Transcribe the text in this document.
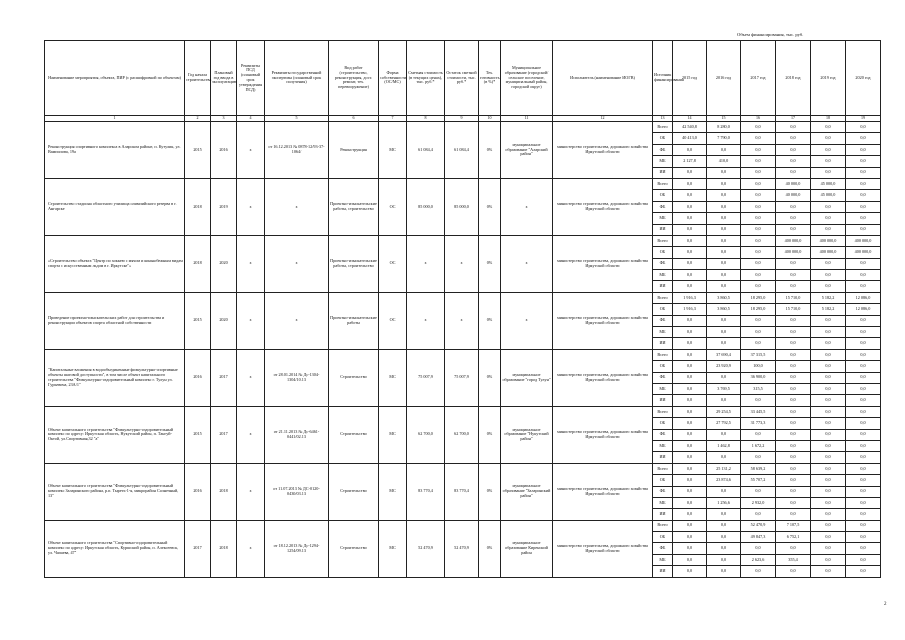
Объем финансирования, тыс. руб.
Наименование мероприятия, объекта, ПИР (с расшифровкой по объектам)	Год начала строительства	Плановый год ввода в эксплуатацию	Реквизиты ПСД (плановый срок утверждения ПСД)	Реквизиты государственной экспертизы (плановый срок получения)	Вид работ (строительство, реконструкция, дост. ремонт, тех. перевооружение)	Форма собственности (ОС/МС)	Сметная стоимость (в текущих ценах), тыс. руб.*	Остаток сметной стоимости, тыс. руб.*	Тех. готовность (в %)*	Муниципальное образование (городской/сельское поселение, муниципальный район, городской округ)	Исполнитель (наименование ИОГВ)	Источник финансирования	2015 год	2016 год	2017 год	2018 год	2019 год	2020 год
1	2	3	4	5	6	7	8	9	10	11	12	13	14	15	16	17	18	19
Реконструкция спортивного комплекса в Аларском районе, п. Кутулик, ул. Вампилова, 19а	2015	2016	х	от 16.12.2013 № 0878-12/93-37-1064/	Реконструкция	МС	61 084,4	61 084,4	0%	муниципальное образование "Аларский район"	министерство строительства, дорожного хозяйства Иркутской области	Всего	42 540,8	8 280,0	0,0	0,0	0,0	0,0
												ОБ	40 413,0	7 790,0	0,0	0,0	0,0	0,0
												ФБ	0,0	0,0	0,0	0,0	0,0	0,0
												МБ	2 127,8	410,0	0,0	0,0	0,0	0,0
												ИИ	0,0	0,0	0,0	0,0	0,0	0,0
Строительство стадиона областного училища олимпийского резерва в г. Ангарске	2018	2019	х	х	Проектно-изыскательские работы, строительство	ОС	85 000,0	85 000,0	0%	х	министерство строительства, дорожного хозяйства Иркутской области	Всего	0,0	0,0	0,0	40 000,0	45 000,0	0,0
												ОБ	0,0	0,0	0,0	40 000,0	45 000,0	0,0
												ФБ	0,0	0,0	0,0	0,0	0,0	0,0
												МБ	0,0	0,0	0,0	0,0	0,0	0,0
												ИИ	0,0	0,0	0,0	0,0	0,0	0,0
«Строительство объекта "Центр по хоккею с мячом и конькобежным видам спорта с искусственным льдом в г. Иркутске"»	2018	2020	х	х	Проектно-изыскательские работы, строительство	ОС	х	х	0%	х	министерство строительства, дорожного хозяйства Иркутской области	Всего	0,0	0,0	0,0	400 000,0	400 000,0	400 000,0
												ОБ	0,0	0,0	0,0	400 000,0	400 000,0	400 000,0
												ФБ	0,0	0,0	0,0	0,0	0,0	0,0
												МБ	0,0	0,0	0,0	0,0	0,0	0,0
												ИИ	0,0	0,0	0,0	0,0	0,0	0,0
Проведение проектно-изыскательских работ для строительства и реконструкции объектов спорта областной собственности	2015	2020	х	х	Проектно-изыскательские работы	ОС	х	х	0%	х	министерство строительства, дорожного хозяйства Иркутской области	Всего	1 916,3	3 860,5	18 295,0	15 710,0	5 182,2	12 086,0
												ОБ	1 916,3	3 860,5	18 295,0	15 710,0	5 182,2	12 086,0
												ФБ	0,0	0,0	0,0	0,0	0,0	0,0
												МБ	0,0	0,0	0,0	0,0	0,0	0,0
												ИИ	0,0	0,0	0,0	0,0	0,0	0,0
"Капитальные вложения в водообъединенные физкультурно-спортивные объекты шаговой доступности", в том числе объект капитального строительства "Физкультурно-оздоровительный комплекс г. Тулун ул. Гурьевича, 23А/1"	2016	2017	х	от 28.01.2014 № Дс-1304-1304/10.13	Строительство	МС	75 007,9	75 007,9	0%	муниципальное образование "город Тулун"	министерство строительства, дорожного хозяйства Иркутской области	Всего	0,0	37 690,4	37 315,5	0,0	0,0	0,0
												ОБ	0,0	23 920,9	100,0	0,0	0,0	0,0
												ФБ	0,0	0,0	36 900,0	0,0	0,0	0,0
												МБ	0,0	3 769,5	315,5	0,0	0,0	0,0
												ИИ	0,0	0,0	0,0	0,0	0,0	0,0
Объект капитального строительства "Физкультурно-оздоровительный комплекс по адресу: Иркутская область, Нукутский район, п. Тангуй-Октой, ул.Спортивная,32 "а"	2015	2017	х	от 21.11.2013 № Дс-6461-0441/02.13	Строительство	МС	62 700,0	62 700,0	0%	муниципальное образование "Нукутский район"	министерство строительства, дорожного хозяйства Иркутской области	Всего	0,0	29 254,5	33 445,5	0,0	0,0	0,0
												ОБ	0,0	27 792,5	31 773,3	0,0	0,0	0,0
												ФБ	0,0	0,0	0,0	0,0	0,0	0,0
												МБ	0,0	1 462,8	1 672,2	0,0	0,0	0,0
												ИИ	0,0	0,0	0,0	0,0	0,0	0,0
Объект капитального строительства "Физкультурно-оздоровительный комплекс Заларинского района, р.п. Тыреть-1-я, микрорайон Солнечный, 13"	2016	2018	х	от 11.07.2013 № ДС-0120-0430/03.13	Строительство	МС	83 770,4	83 770,4	0%	муниципальное образование "Заларинский район"	министерство строительства, дорожного хозяйства Иркутской области	Всего	0,0	25 131,2	58 639,2	0,0	0,0	0,0
												ОБ	0,0	23 874,6	55 707,2	0,0	0,0	0,0
												ФБ	0,0	0,0	0,0	0,0	0,0	0,0
												МБ	0,0	1 256,6	2 932,0	0,0	0,0	0,0
												ИИ	0,0	0,0	0,0	0,0	0,0	0,0
Объект капитального строительства "Спортивно-оздоровительный комплекс по адресу: Иркутская область, Куршский район, п. Алексеевск, ул. Чапаева, 47"	2017	2018	х	от 18.12.2013 № Дс-1294-1254/09.13	Строительство	МС	52 470,9	52 470,9	0%	муниципальное образование Киренский район	министерство строительства, дорожного хозяйства Иркутской области	Всего	0,0	0,0	52 470,9	7 107,5	0,0	0,0
												ОБ	0,0	0,0	49 847,3	6 752,1	0,0	0,0
												ФБ	0,0	0,0	0,0	0,0	0,0	0,0
												МБ	0,0	0,0	2 623,6	355,4	0,0	0,0
												ИИ	0,0	0,0	0,0	0,0	0,0	0,0
2
